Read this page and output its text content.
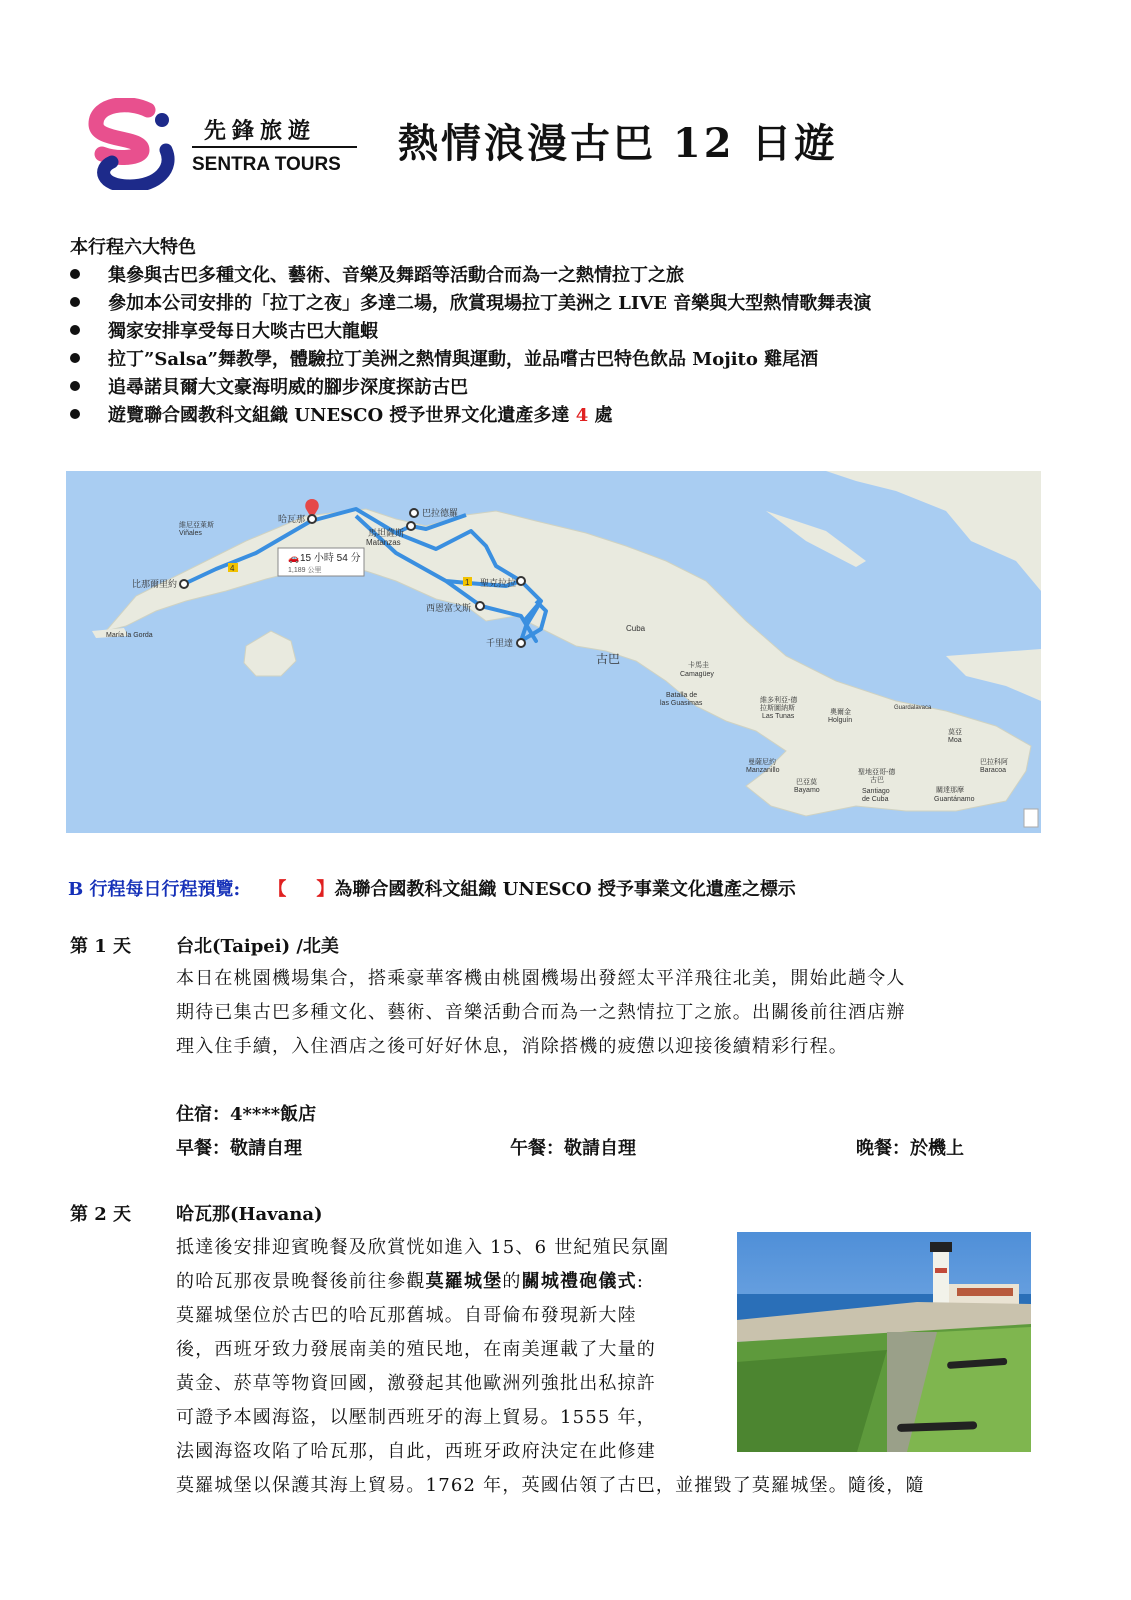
先鋒旅遊
SENTRA TOURS 熱情浪漫古巴 12 日遊
本行程六大特色
集參與古巴多種文化、藝術、音樂及舞蹈等活動合而為一之熱情拉丁之旅
參加本公司安排的「拉丁之夜」多達二場，欣賞現場拉丁美洲之 LIVE 音樂與大型熱情歌舞表演
獨家安排享受每日大啖古巴大龍蝦
拉丁”Salsa”舞教學，體驗拉丁美洲之熱情與運動，並品嚐古巴特色飲品 Mojito 雞尾酒
追尋諾貝爾大文豪海明威的腳步深度探訪古巴
遊覽聯合國教科文組織 UNESCO 授予世界文化遺產多達 4 處
4
1
🚗 15 小時 54 分
1,189 公里
哈瓦那
馬坦薩斯
Matanzas
巴拉德羅
維尼亞萊斯
Viñales
比那爾里約
María la Gorda
聖克拉拉
西恩富戈斯
千里達
Cuba
古巴	卡馬圭
Camagüey
Batalla de
las Guasimas	維多利亞-德
拉斯圖納斯
Las Tunas
奧爾金
Holguín
Guardalavaca
曼薩尼約
Manzanillo
巴亞莫
Bayamo
聖地亞哥-德
古巴
Santiago
de Cuba
關達那摩
Guantánamo
莫亞
Moa
巴拉科阿
Baracoa
B 行程每日行程預覽: 【 】為聯合國教科文組織 UNESCO 授予事業文化遺產之標示
第 1 天 台北(Taipei) /北美
本日在桃園機場集合，搭乘豪華客機由桃園機場出發經太平洋飛往北美，開始此趟令人
期待已集古巴多種文化、藝術、音樂活動合而為一之熱情拉丁之旅。出關後前往酒店辦
理入住手續，入住酒店之後可好好休息，消除搭機的疲憊以迎接後續精彩行程。
住宿：4****飯店
早餐：敬請自理	午餐：敬請自理	晚餐：於機上
第 2 天 哈瓦那(Havana)
抵達後安排迎賓晚餐及欣賞恍如進入 15、6 世紀殖民氛圍
的哈瓦那夜景晚餐後前往參觀莫羅城堡的關城禮砲儀式:
莫羅城堡位於古巴的哈瓦那舊城。自哥倫布發現新大陸
後，西班牙致力發展南美的殖民地，在南美運載了大量的
黃金、菸草等物資回國，激發起其他歐洲列強批出私掠許
可證予本國海盜，以壓制西班牙的海上貿易。1555 年，
法國海盜攻陷了哈瓦那，自此，西班牙政府決定在此修建
莫羅城堡以保護其海上貿易。1762 年，英國佔領了古巴，並摧毀了莫羅城堡。隨後，隨
